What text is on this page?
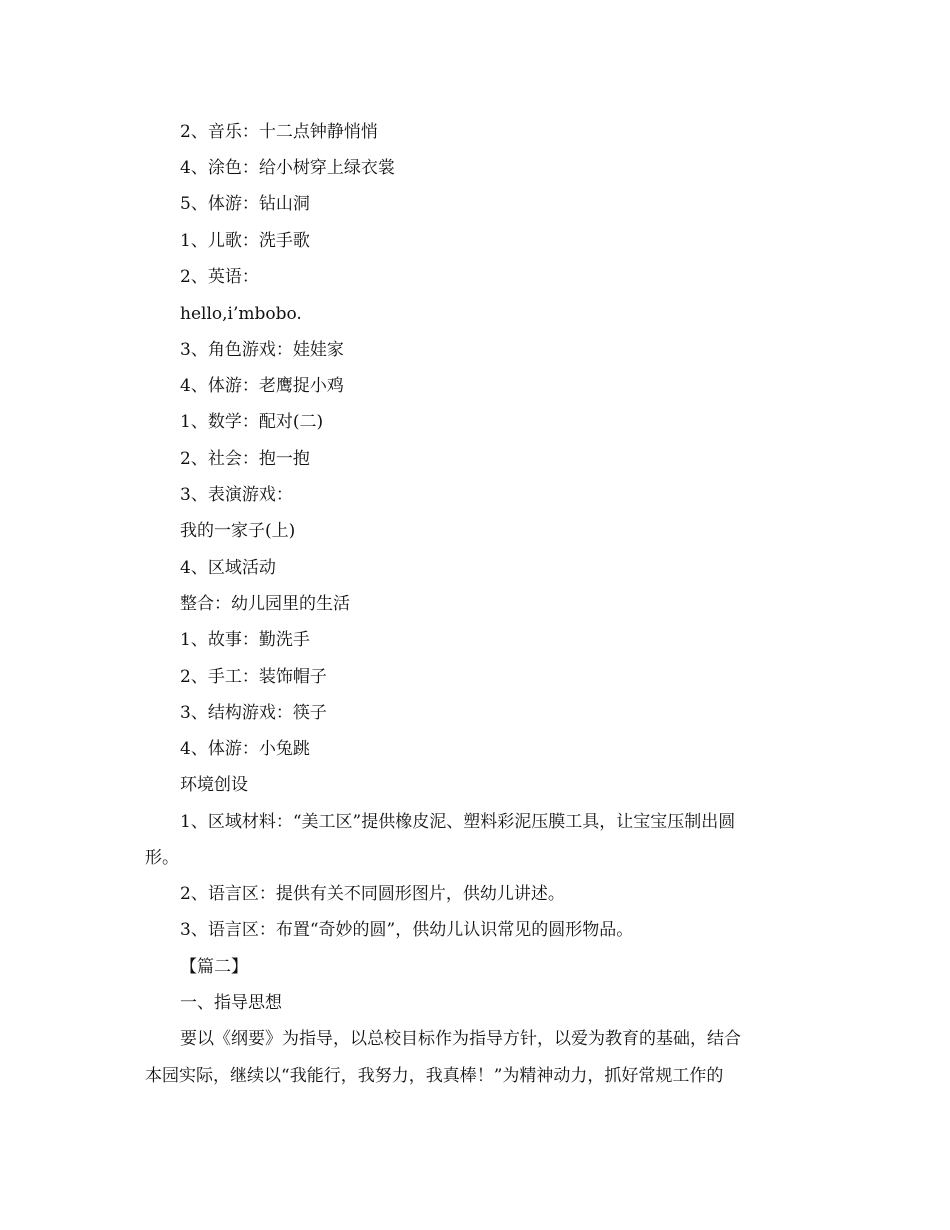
2、音乐：十二点钟静悄悄
4、涂色：给小树穿上绿衣裳
5、体游：钻山洞
1、儿歌：洗手歌
2、英语：
hello,i’mbobo.
3、角色游戏：娃娃家
4、体游：老鹰捉小鸡
1、数学：配对(二)
2、社会：抱一抱
3、表演游戏：
我的一家子(上)
4、区域活动
整合：幼儿园里的生活
1、故事：勤洗手
2、手工：装饰帽子
3、结构游戏：筷子
4、体游：小兔跳
环境创设
1、区域材料：“美工区”提供橡皮泥、塑料彩泥压膜工具，让宝宝压制出圆
形。
2、语言区：提供有关不同圆形图片，供幼儿讲述。
3、语言区：布置“奇妙的圆”，供幼儿认识常见的圆形物品。
【篇二】
一、指导思想
要以《纲要》为指导，以总校目标作为指导方针，以爱为教育的基础，结合
本园实际，继续以“我能行，我努力，我真棒！”为精神动力，抓好常规工作的
